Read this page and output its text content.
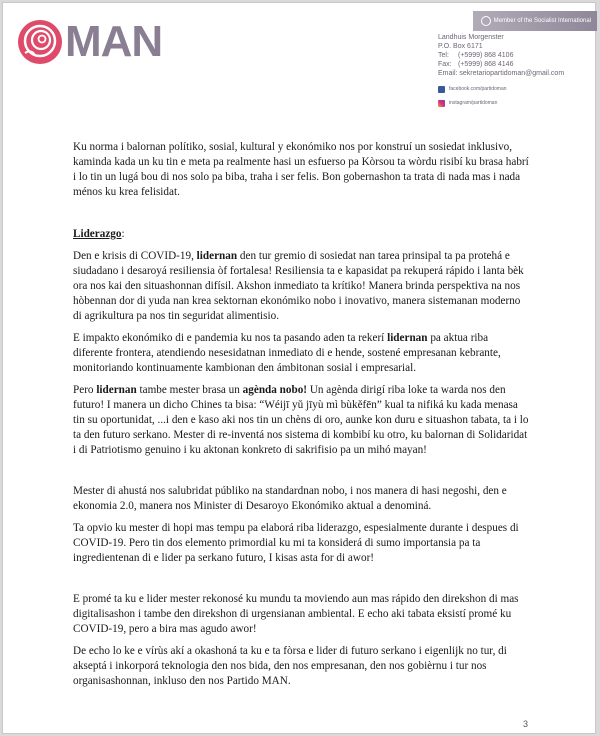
MAN	Member of the Socialist International
Landhuis Morgenster
P.O. Box 6171
Tel:	(+5999) 868 4106
Fax: (+5999) 868 4146
Email: sekretariopartidoman@gmail.com
facebook.com/partidoman
instagram/partidoman

Ku norma i balornan polítiko, sosial, kultural y ekonómiko nos por konstruí un sosiedat inklusivo, kaminda kada un ku tin e meta pa realmente hasi un esfuerso pa Kòrsou ta wòrdu risibí ku brasa habrí i lo tin un lugá bou di nos solo pa biba, traha i ser felis. Bon gobernashon ta trata di nada mas i nada ménos ku krea felisidat.

Liderazgo:

Den e krisis di COVID-19, lidernan den tur gremio di sosiedat nan tarea prinsipal ta pa protehá e siudadano i desaroyá resiliensia òf fortalesa! Resiliensia ta e kapasidat pa rekuperá rápido i lanta bèk ora nos kai den situashonnan difísil. Akshon inmediato ta krítiko! Manera brinda perspektiva na nos hòbennan dor di yuda nan krea sektornan ekonómiko nobo i inovativo, manera sistemanan moderno di agrikultura pa nos tin seguridat alimentisio.

E impakto ekonómiko di e pandemia ku nos ta pasando aden ta rekerí lidernan pa aktua riba diferente frontera, atendiendo nesesidatnan inmediato di e hende, sostené empresanan kebrante, monitoriando kontinuamente kambionan den ámbitonan sosial i empresarial.

Pero lidernan tambe mester brasa un agènda nobo! Un agènda dirigí riba loke ta warda nos den futuro! I manera un dicho Chines ta bisa: “Wéijī yǔ jīyù mì bùkěfēn” kual ta nifiká ku kada menasa tin su oportunidat, ...i den e kaso aki nos tin un chèns di oro, aunke kon duru e situashon tabata, ta i lo ta den futuro serkano. Mester di re-inventá nos sistema di kombibí ku otro, ku balornan di Solidaridat i di Patriotismo genuino i ku aktonan konkreto di sakrifisio pa un mihó mayan!

Mester di ahustá nos salubridat públiko na standardnan nobo, i nos manera di hasi negoshi, den e ekonomia 2.0, manera nos Minister di Desaroyo Ekonómiko aktual a denominá.

Ta opvio ku mester di hopi mas tempu pa elaborá riba liderazgo, espesialmente durante i despues di COVID-19. Pero tin dos elemento primordial ku mi ta konsiderá di sumo importansia pa ta ingredientenan di e lider pa serkano futuro, I kisas asta for di awor!

E promé ta ku e lider mester rekonosé ku mundu ta moviendo aun mas rápido den direkshon di mas digitalisashon i tambe den direkshon di urgensianan ambiental. E echo aki tabata eksistí promé ku COVID-19, pero a bira mas agudo awor!

De echo lo ke e vírùs akí a okashoná ta ku e ta fòrsa e lider di futuro serkano i eigenlijk no tur, di akseptá i inkorporá teknologia den nos bida, den nos empresanan, den nos gobièrnu i tur nos organisashonnan, inkluso den nos Partido MAN.

3
